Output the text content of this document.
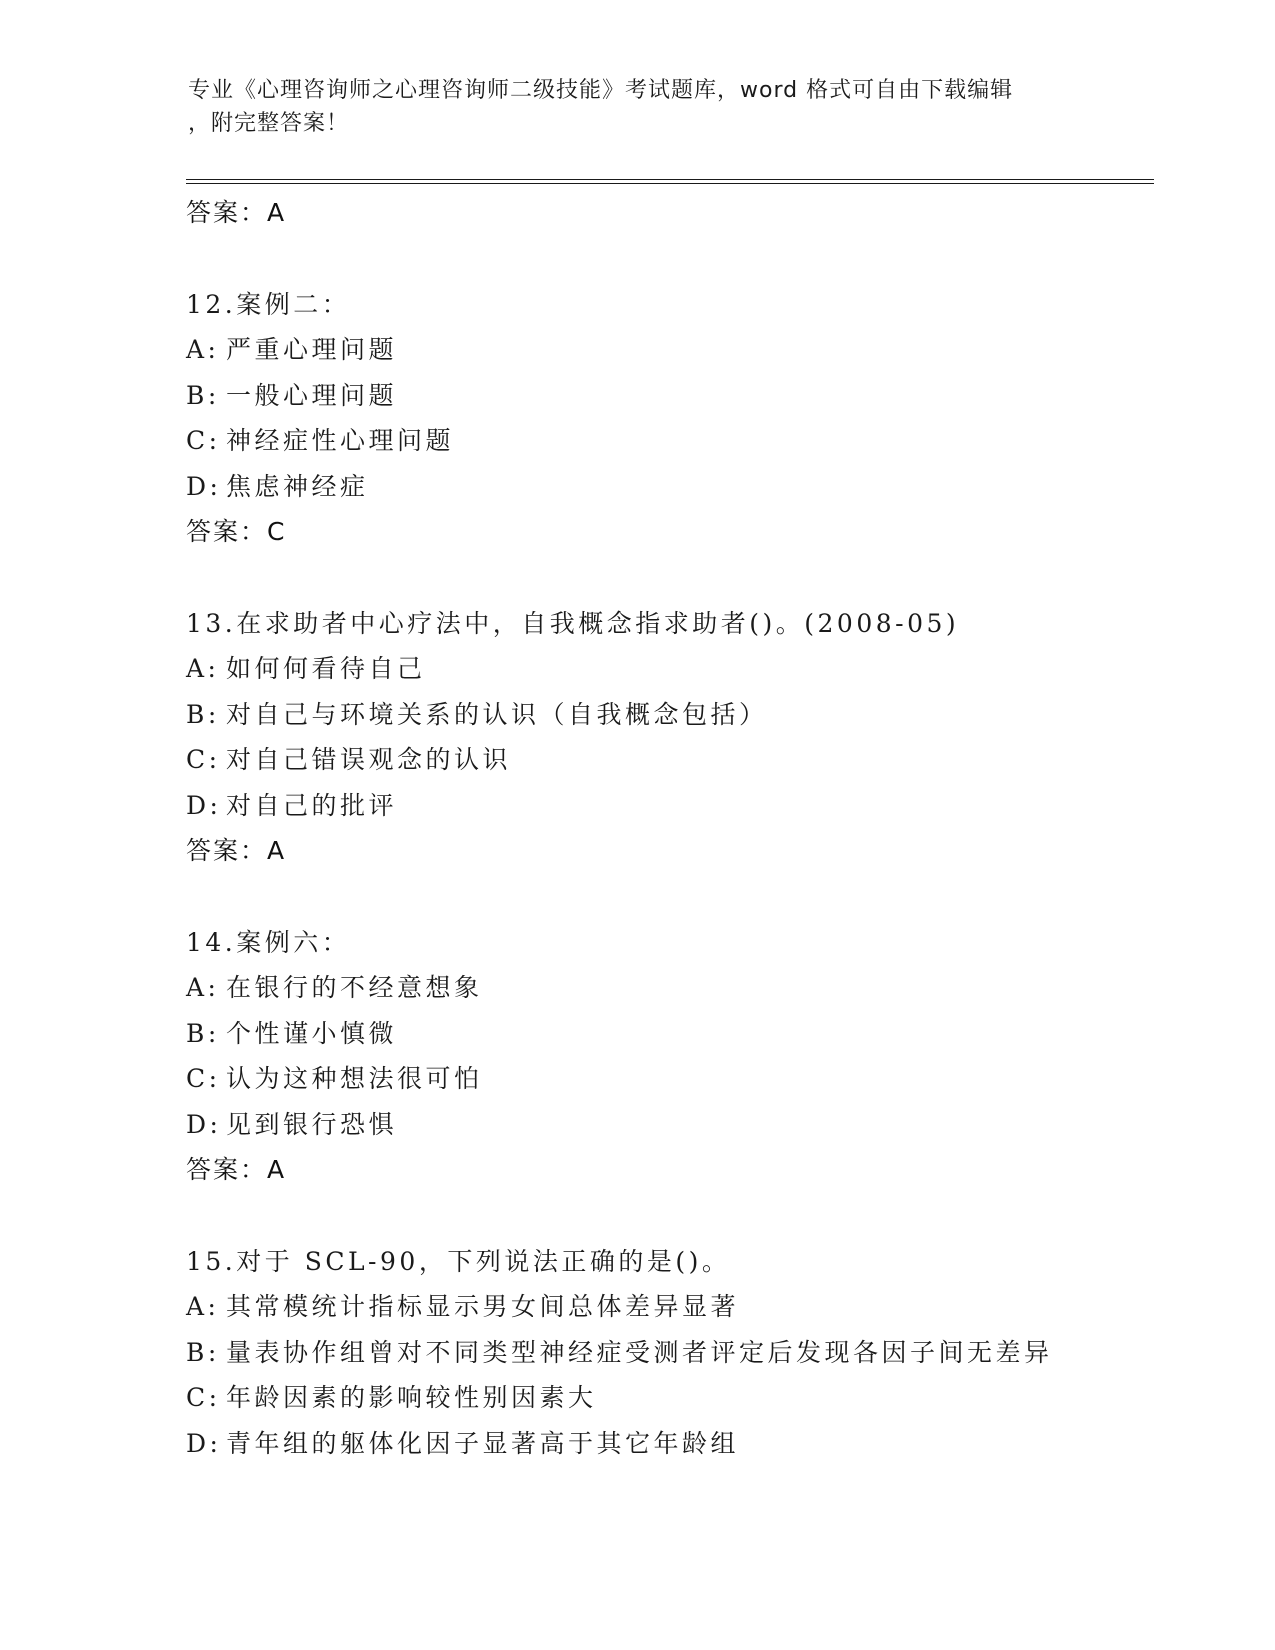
专业《心理咨询师之心理咨询师二级技能》考试题库，word 格式可自由下载编辑
，附完整答案！
答案：A
12.案例二：
A: 严重心理问题
B: 一般心理问题
C: 神经症性心理问题
D: 焦虑神经症
答案：C
13.在求助者中心疗法中，自我概念指求助者()。(2008-05)
A: 如何何看待自己
B: 对自己与环境关系的认识（自我概念包括）
C: 对自己错误观念的认识
D: 对自己的批评
答案：A
14.案例六：
A: 在银行的不经意想象
B: 个性谨小慎微
C: 认为这种想法很可怕
D: 见到银行恐惧
答案：A
15.对于 SCL-90，下列说法正确的是()。
A: 其常模统计指标显示男女间总体差异显著
B: 量表协作组曾对不同类型神经症受测者评定后发现各因子间无差异
C: 年龄因素的影响较性别因素大
D: 青年组的躯体化因子显著高于其它年龄组
